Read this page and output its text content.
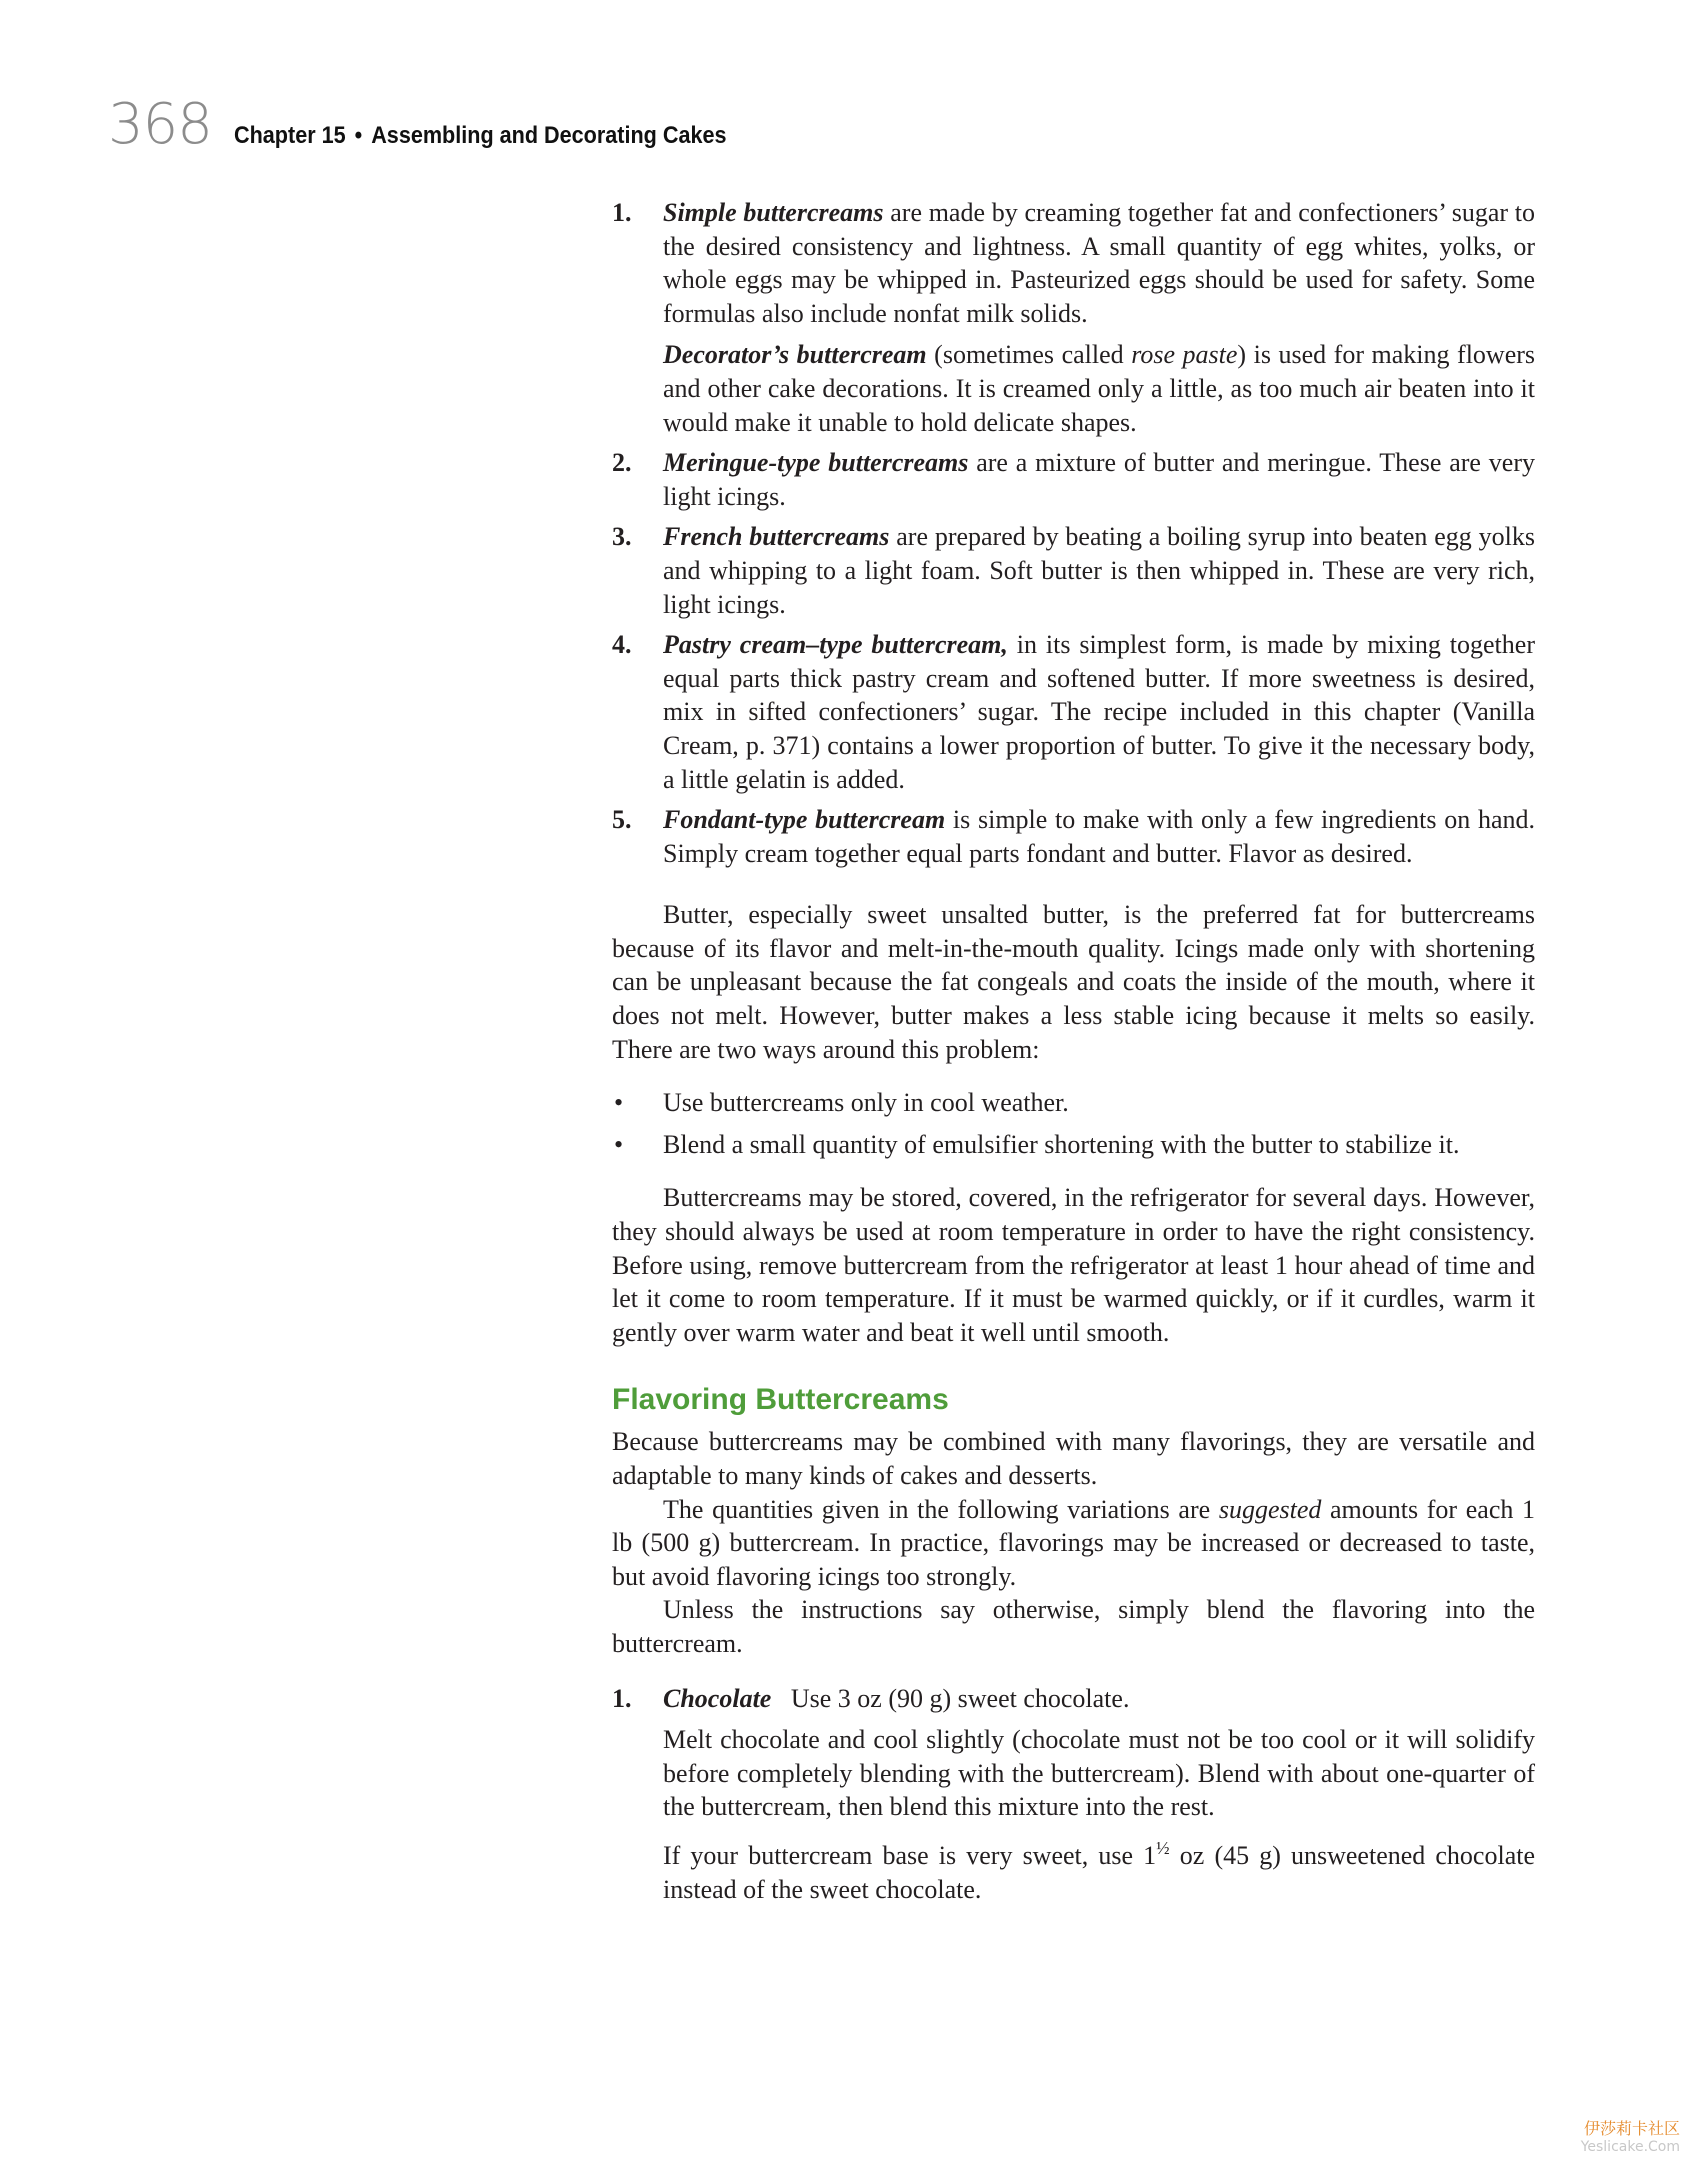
368 Chapter 15 • Assembling and Decorating Cakes
1. Simple buttercreams are made by creaming together fat and confectioners’ sugar to the desired consistency and lightness. A small quantity of egg whites, yolks, or whole eggs may be whipped in. Pasteurized eggs should be used for safety. Some formulas also include nonfat milk solids.

Decorator’s buttercream (sometimes called rose paste) is used for making flowers and other cake decorations. It is creamed only a little, as too much air beaten into it would make it unable to hold delicate shapes.

2. Meringue-type buttercreams are a mixture of butter and meringue. These are very light icings.

3. French buttercreams are prepared by beating a boiling syrup into beaten egg yolks and whipping to a light foam. Soft butter is then whipped in. These are very rich, light icings.

4. Pastry cream–type buttercream, in its simplest form, is made by mixing together equal parts thick pastry cream and softened butter. If more sweetness is desired, mix in sifted confectioners’ sugar. The recipe included in this chapter (Vanilla Cream, p. 371) contains a lower proportion of butter. To give it the necessary body, a little gelatin is added.

5. Fondant-type buttercream is simple to make with only a few ingredients on hand. Simply cream together equal parts fondant and butter. Flavor as desired.

Butter, especially sweet unsalted butter, is the preferred fat for buttercreams because of its flavor and melt-in-the-mouth quality. Icings made only with shortening can be unpleasant because the fat congeals and coats the inside of the mouth, where it does not melt. However, butter makes a less stable icing because it melts so easily. There are two ways around this problem:

• Use buttercreams only in cool weather.

• Blend a small quantity of emulsifier shortening with the butter to stabilize it.

Buttercreams may be stored, covered, in the refrigerator for several days. However, they should always be used at room temperature in order to have the right consistency. Before using, remove buttercream from the refrigerator at least 1 hour ahead of time and let it come to room temperature. If it must be warmed quickly, or if it curdles, warm it gently over warm water and beat it well until smooth.

Flavoring Buttercreams

Because buttercreams may be combined with many flavorings, they are versatile and adaptable to many kinds of cakes and desserts.

The quantities given in the following variations are suggested amounts for each 1 lb (500 g) buttercream. In practice, flavorings may be increased or decreased to taste, but avoid flavoring icings too strongly.

Unless the instructions say otherwise, simply blend the flavoring into the buttercream.

1. Chocolate   Use 3 oz (90 g) sweet chocolate.

Melt chocolate and cool slightly (chocolate must not be too cool or it will solidify before completely blending with the buttercream). Blend with about one-quarter of the buttercream, then blend this mixture into the rest.

If your buttercream base is very sweet, use $1^{\frac{1}{2}}$ oz (45 g) unsweetened chocolate instead of the sweet chocolate.

伊莎莉卡社区
Yeslicake.Com
